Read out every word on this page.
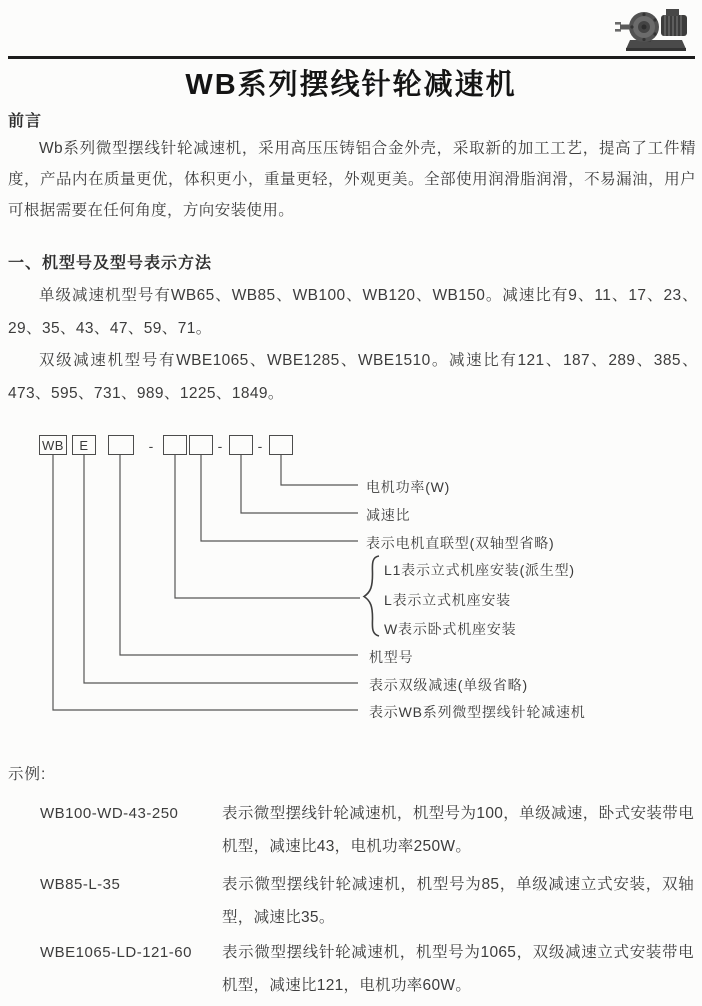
WB系列摆线针轮减速机
前言
Wb系列微型摆线针轮减速机，采用高压压铸铝合金外壳，采取新的加工工艺，提高了工件精度，产品内在质量更优，体积更小，重量更轻，外观更美。全部使用润滑脂润滑，不易漏油，用户可根据需要在任何角度，方向安装使用。
一、机型号及型号表示方法
单级减速机型号有WB65、WB85、WB100、WB120、WB150。减速比有9、11、17、23、29、35、43、47、59、71。
双级减速机型号有WBE1065、WBE1285、WBE1510。减速比有121、187、289、385、473、595、731、989、1225、1849。
WB	E	-	-	-
电机功率(W)
减速比
表示电机直联型(双轴型省略)
L1表示立式机座安装(派生型)
L表示立式机座安装
W表示卧式机座安装
机型号
表示双级减速(单级省略)
表示WB系列微型摆线针轮减速机
示例:
WB100-WD-43-250	表示微型摆线针轮减速机，机型号为100，单级减速，卧式安装带电机型，减速比43，电机功率250W。
WB85-L-35	表示微型摆线针轮减速机，机型号为85，单级减速立式安装，双轴型，减速比35。
WBE1065-LD-121-60 表示微型摆线针轮减速机，机型号为1065，双级减速立式安装带电机型，减速比121，电机功率60W。
